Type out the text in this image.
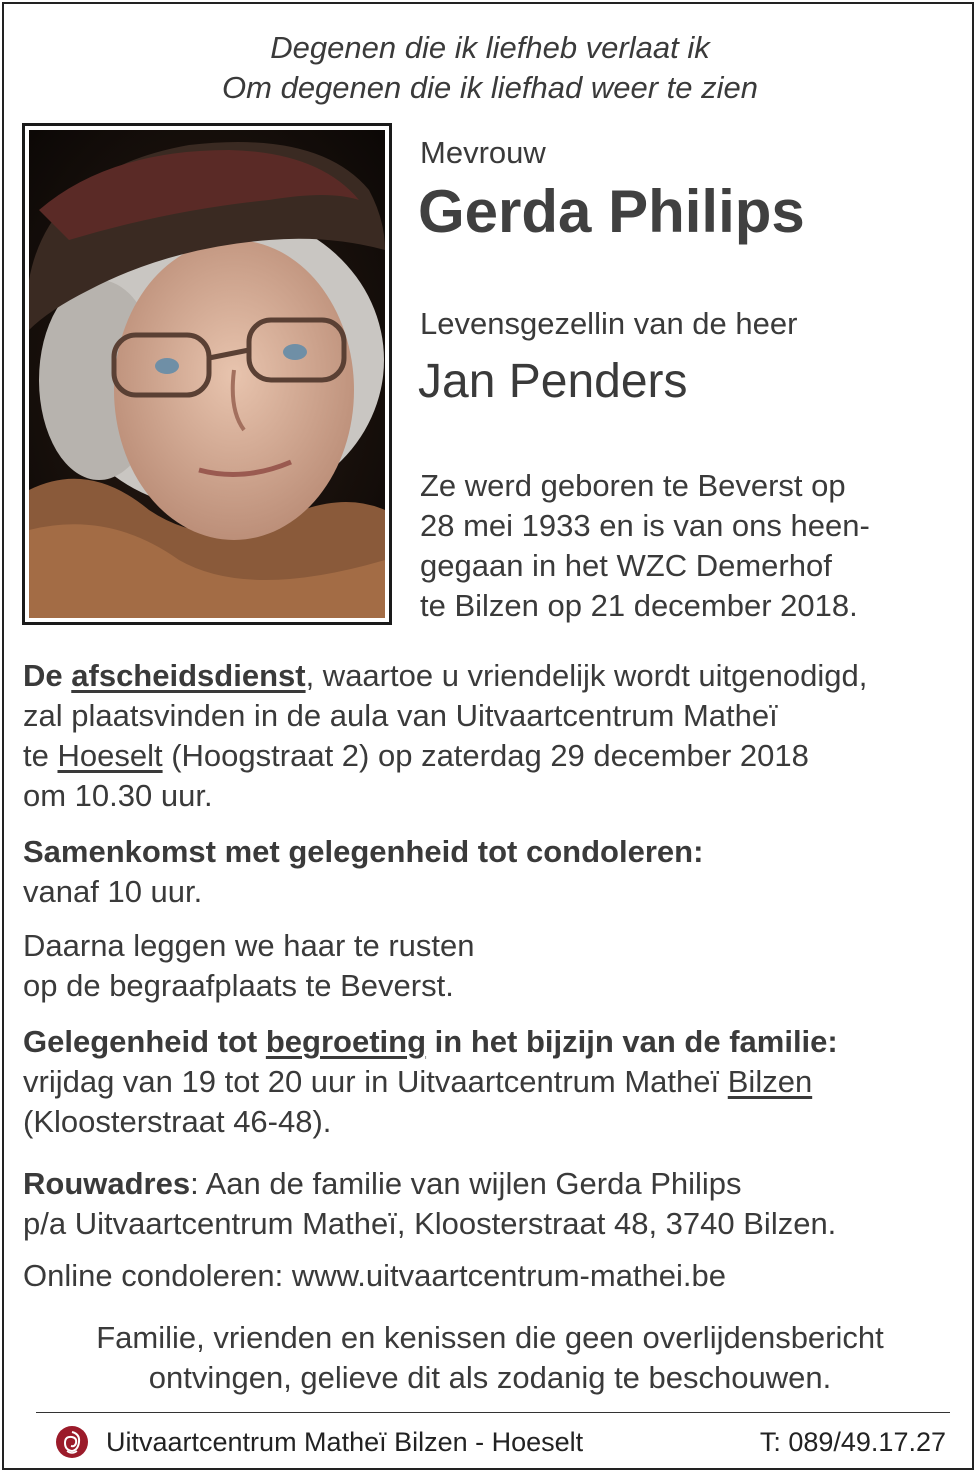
Degenen die ik liefheb verlaat ik
Om degenen die ik liefhad weer te zien
Mevrouw
Gerda Philips
Levensgezellin van de heer
Jan Penders
Ze werd geboren te Beverst op
28 mei 1933 en is van ons heen-
gegaan in het WZC Demerhof
te Bilzen op 21 december 2018.
De afscheidsdienst, waartoe u vriendelijk wordt uitgenodigd,
zal plaatsvinden in de aula van Uitvaartcentrum Matheï
te Hoeselt (Hoogstraat 2) op zaterdag 29 december 2018
om 10.30 uur.
Samenkomst met gelegenheid tot condoleren:
vanaf 10 uur.
Daarna leggen we haar te rusten
op de begraafplaats te Beverst.
Gelegenheid tot begroeting in het bijzijn van de familie:
vrijdag van 19 tot 20 uur in Uitvaartcentrum Matheï Bilzen
(Kloosterstraat 46-48).
Rouwadres: Aan de familie van wijlen Gerda Philips
p/a Uitvaartcentrum Matheï, Kloosterstraat 48, 3740 Bilzen.
Online condoleren: www.uitvaartcentrum-mathei.be
Familie, vrienden en kenissen die geen overlijdensbericht
ontvingen, gelieve dit als zodanig te beschouwen.
Uitvaartcentrum Matheï Bilzen - Hoeselt	T: 089/49.17.27
